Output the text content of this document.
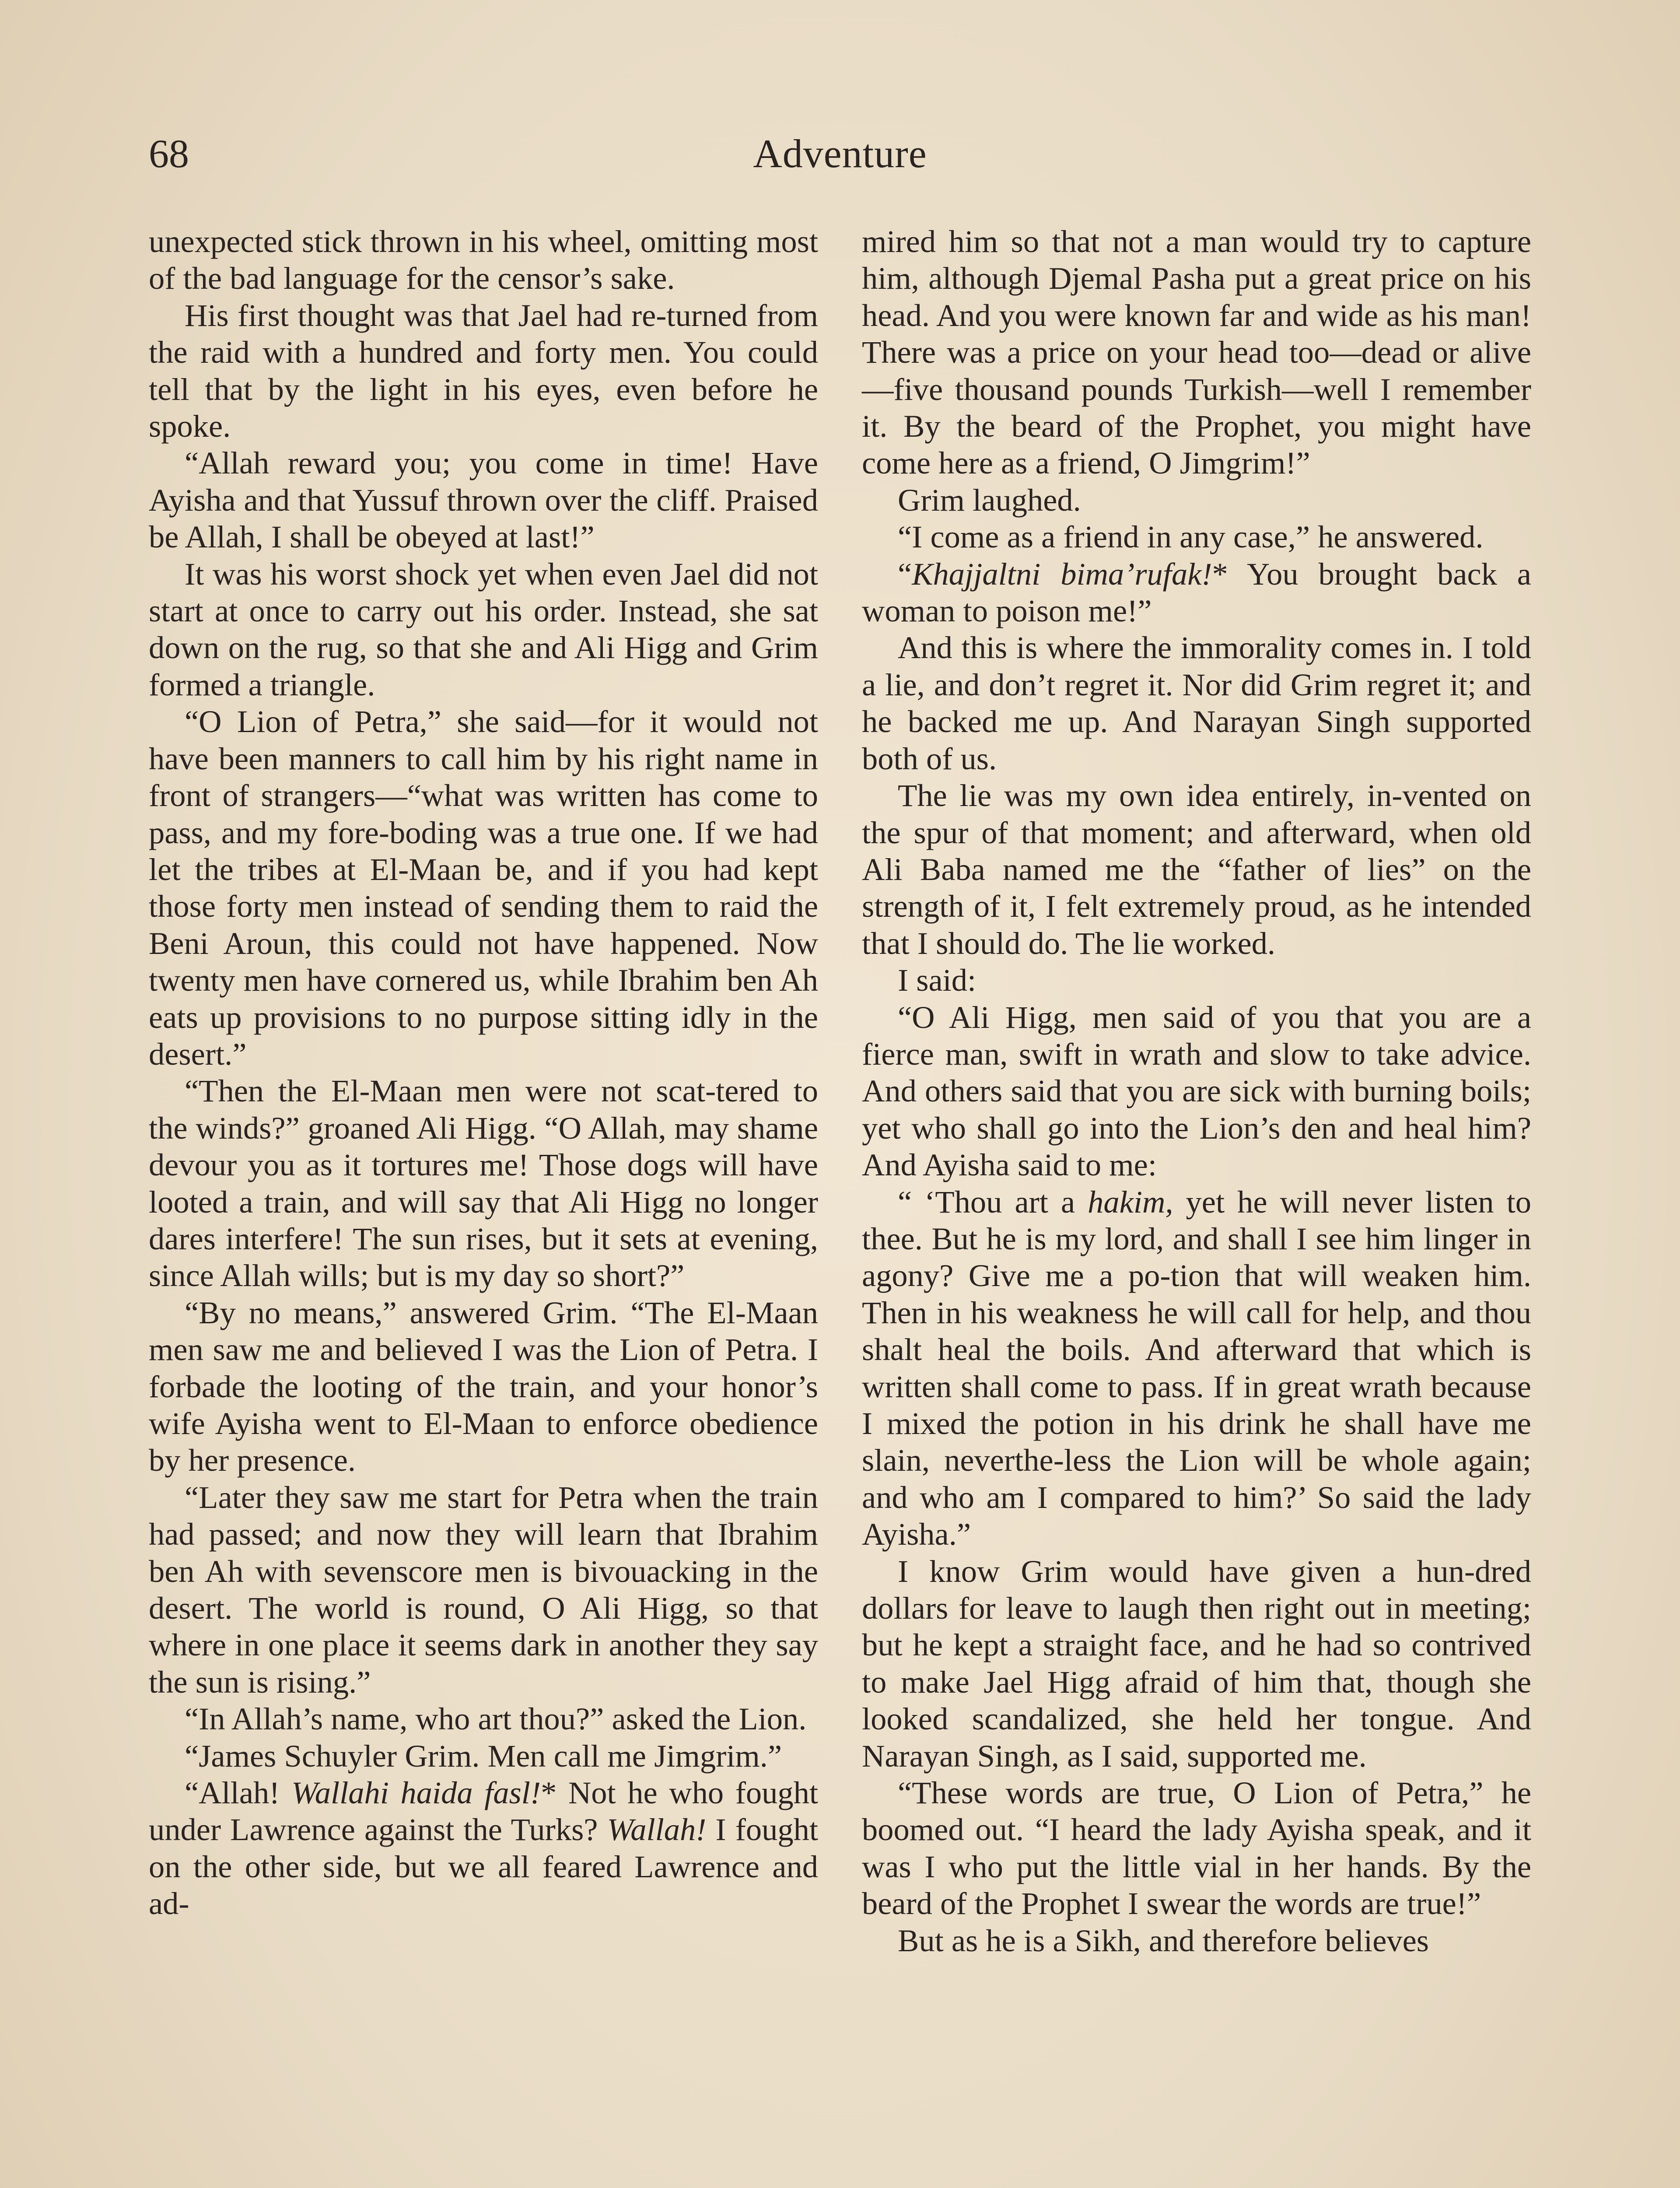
68	Adventure

unexpected stick thrown in his wheel, omitting most of the bad language for the censor’s sake.

His first thought was that Jael had re-turned from the raid with a hundred and forty men. You could tell that by the light in his eyes, even before he spoke.

“Allah reward you; you come in time! Have Ayisha and that Yussuf thrown over the cliff. Praised be Allah, I shall be obeyed at last!”

It was his worst shock yet when even Jael did not start at once to carry out his order. Instead, she sat down on the rug, so that she and Ali Higg and Grim formed a triangle.

“O Lion of Petra,” she said—for it would not have been manners to call him by his right name in front of strangers—“what was written has come to pass, and my fore-boding was a true one. If we had let the tribes at El-Maan be, and if you had kept those forty men instead of sending them to raid the Beni Aroun, this could not have happened. Now twenty men have cornered us, while Ibrahim ben Ah eats up provisions to no purpose sitting idly in the desert.”

“Then the El-Maan men were not scat-tered to the winds?” groaned Ali Higg. “O Allah, may shame devour you as it tortures me! Those dogs will have looted a train, and will say that Ali Higg no longer dares interfere! The sun rises, but it sets at evening, since Allah wills; but is my day so short?”

“By no means,” answered Grim. “The El-Maan men saw me and believed I was the Lion of Petra. I forbade the looting of the train, and your honor’s wife Ayisha went to El-Maan to enforce obedience by her presence.

“Later they saw me start for Petra when the train had passed; and now they will learn that Ibrahim ben Ah with sevenscore men is bivouacking in the desert. The world is round, O Ali Higg, so that where in one place it seems dark in another they say the sun is rising.”

“In Allah’s name, who art thou?” asked the Lion.

“James Schuyler Grim. Men call me Jimgrim.”

“Allah! Wallahi haida fasl!* Not he who fought under Lawrence against the Turks? Wallah! I fought on the other side, but we all feared Lawrence and ad-

mired him so that not a man would try to capture him, although Djemal Pasha put a great price on his head. And you were known far and wide as his man! There was a price on your head too—dead or alive—five thousand pounds Turkish—well I remember it. By the beard of the Prophet, you might have come here as a friend, O Jimgrim!”

Grim laughed.

“I come as a friend in any case,” he answered.

“Khajjaltni bima’rufak!* You brought back a woman to poison me!”

And this is where the immorality comes in. I told a lie, and don’t regret it. Nor did Grim regret it; and he backed me up. And Narayan Singh supported both of us.

The lie was my own idea entirely, in-vented on the spur of that moment; and afterward, when old Ali Baba named me the “father of lies” on the strength of it, I felt extremely proud, as he intended that I should do. The lie worked.

I said:

“O Ali Higg, men said of you that you are a fierce man, swift in wrath and slow to take advice. And others said that you are sick with burning boils; yet who shall go into the Lion’s den and heal him? And Ayisha said to me:

“ ‘Thou art a hakim, yet he will never listen to thee. But he is my lord, and shall I see him linger in agony? Give me a po-tion that will weaken him. Then in his weakness he will call for help, and thou shalt heal the boils. And afterward that which is written shall come to pass. If in great wrath because I mixed the potion in his drink he shall have me slain, neverthe-less the Lion will be whole again; and who am I compared to him?’ So said the lady Ayisha.”

I know Grim would have given a hun-dred dollars for leave to laugh then right out in meeting; but he kept a straight face, and he had so contrived to make Jael Higg afraid of him that, though she looked scandalized, she held her tongue. And Narayan Singh, as I said, supported me.

“These words are true, O Lion of Petra,” he boomed out. “I heard the lady Ayisha speak, and it was I who put the little vial in her hands. By the beard of the Prophet I swear the words are true!”

But as he is a Sikh, and therefore believes
